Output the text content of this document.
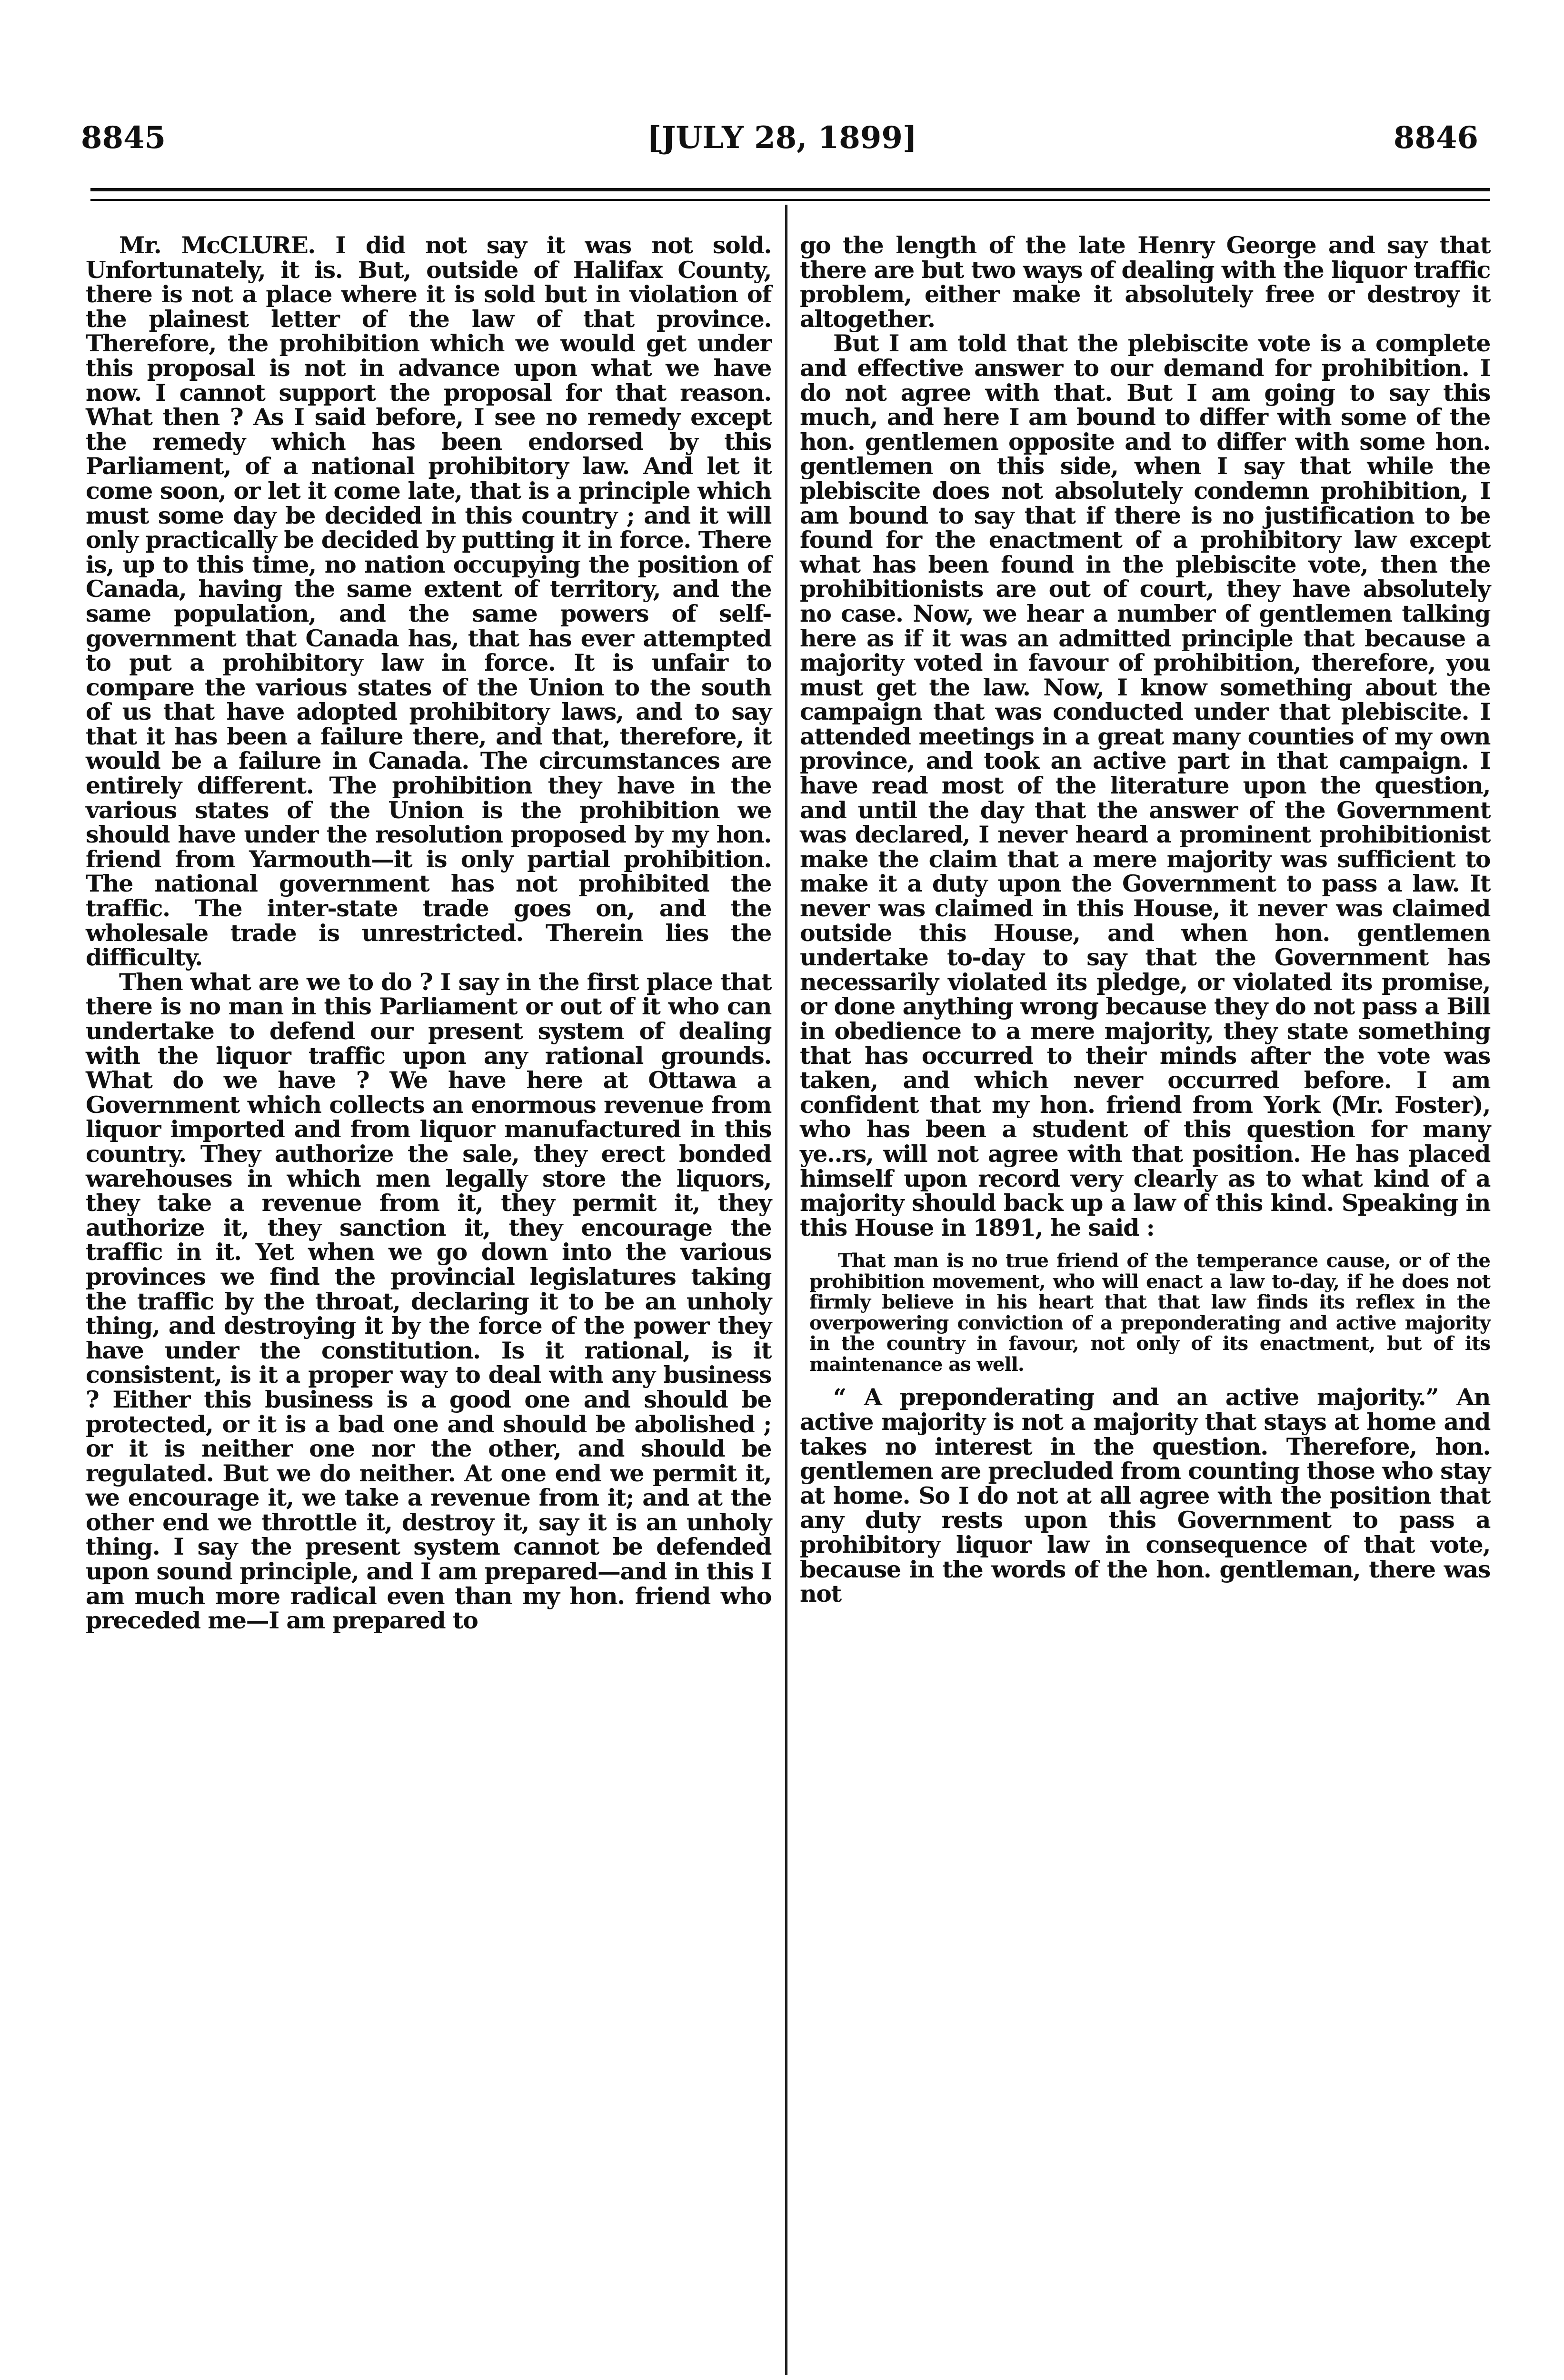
8845	[JULY 28, 1899]	8846

Mr. McCLURE. I did not say it was not sold. Unfortunately, it is. But, outside of Halifax County, there is not a place where it is sold but in violation of the plainest letter of the law of that province. Therefore, the prohibition which we would get under this proposal is not in advance upon what we have now. I cannot support the proposal for that reason. What then ? As I said before, I see no remedy except the remedy which has been endorsed by this Parliament, of a national prohibitory law. And let it come soon, or let it come late, that is a principle which must some day be decided in this country ; and it will only practically be decided by putting it in force. There is, up to this time, no nation occupying the position of Canada, having the same extent of territory, and the same population, and the same powers of self-government that Canada has, that has ever attempted to put a prohibitory law in force. It is unfair to compare the various states of the Union to the south of us that have adopted prohibitory laws, and to say that it has been a failure there, and that, therefore, it would be a failure in Canada. The circumstances are entirely different. The prohibition they have in the various states of the Union is the prohibition we should have under the resolution proposed by my hon. friend from Yarmouth—it is only partial prohibition. The national government has not prohibited the traffic. The inter-state trade goes on, and the wholesale trade is unrestricted. Therein lies the difficulty.

Then what are we to do ? I say in the first place that there is no man in this Parliament or out of it who can undertake to defend our present system of dealing with the liquor traffic upon any rational grounds. What do we have ? We have here at Ottawa a Government which collects an enormous revenue from liquor imported and from liquor manufactured in this country. They authorize the sale, they erect bonded warehouses in which men legally store the liquors, they take a revenue from it, they permit it, they authorize it, they sanction it, they encourage the traffic in it. Yet when we go down into the various provinces we find the provincial legislatures taking the traffic by the throat, declaring it to be an unholy thing, and destroying it by the force of the power they have under the constitution. Is it rational, is it consistent, is it a proper way to deal with any business ? Either this business is a good one and should be protected, or it is a bad one and should be abolished ; or it is neither one nor the other, and should be regulated. But we do neither. At one end we permit it, we encourage it, we take a revenue from it; and at the other end we throttle it, destroy it, say it is an unholy thing. I say the present system cannot be defended upon sound principle, and I am prepared—and in this I am much more radical even than my hon. friend who preceded me—I am prepared to

go the length of the late Henry George and say that there are but two ways of dealing with the liquor traffic problem, either make it absolutely free or destroy it altogether.

But I am told that the plebiscite vote is a complete and effective answer to our demand for prohibition. I do not agree with that. But I am going to say this much, and here I am bound to differ with some of the hon. gentlemen opposite and to differ with some hon. gentlemen on this side, when I say that while the plebiscite does not absolutely condemn prohibition, I am bound to say that if there is no justification to be found for the enactment of a prohibitory law except what has been found in the plebiscite vote, then the prohibitionists are out of court, they have absolutely no case. Now, we hear a number of gentlemen talking here as if it was an admitted principle that because a majority voted in favour of prohibition, therefore, you must get the law. Now, I know something about the campaign that was conducted under that plebiscite. I attended meetings in a great many counties of my own province, and took an active part in that campaign. I have read most of the literature upon the question, and until the day that the answer of the Government was declared, I never heard a prominent prohibitionist make the claim that a mere majority was sufficient to make it a duty upon the Government to pass a law. It never was claimed in this House, it never was claimed outside this House, and when hon. gentlemen undertake to-day to say that the Government has necessarily violated its pledge, or violated its promise, or done anything wrong because they do not pass a Bill in obedience to a mere majority, they state something that has occurred to their minds after the vote was taken, and which never occurred before. I am confident that my hon. friend from York (Mr. Foster), who has been a student of this question for many ye..rs, will not agree with that position. He has placed himself upon record very clearly as to what kind of a majority should back up a law of this kind. Speaking in this House in 1891, he said :

That man is no true friend of the temperance cause, or of the prohibition movement, who will enact a law to-day, if he does not firmly believe in his heart that that law finds its reflex in the overpowering conviction of a preponderating and active majority in the country in favour, not only of its enactment, but of its maintenance as well.

“ A preponderating and an active majority.” An active majority is not a majority that stays at home and takes no interest in the question. Therefore, hon. gentlemen are precluded from counting those who stay at home. So I do not at all agree with the position that any duty rests upon this Government to pass a prohibitory liquor law in consequence of that vote, because in the words of the hon. gentleman, there was not
